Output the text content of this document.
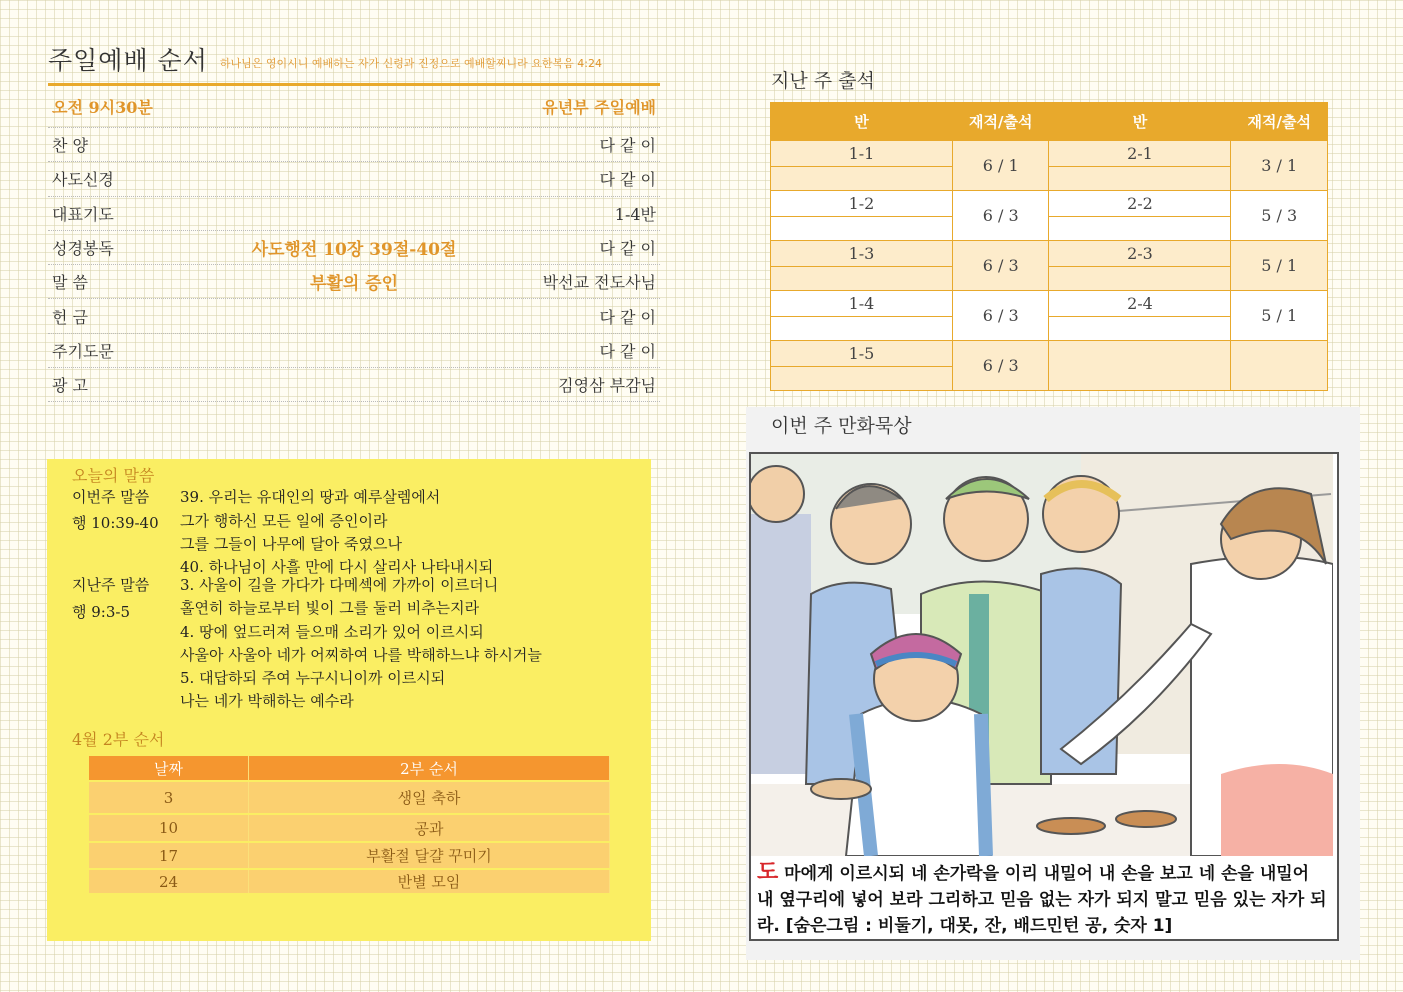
주일예배 순서 하나님은 영이시니 예배하는 자가 신령과 진정으로 예배할찌니라 요한복음 4:24
오전 9시30분	유년부 주일예배
찬 양	다 같 이
사도신경	다 같 이
대표기도	1-4반
성경봉독	사도행전 10장 39절-40절	다 같 이
말 씀	부활의 증인	박선교 전도사님
헌 금	다 같 이
주기도문	다 같 이
광 고	김영삼 부감님
오늘의 말씀
이번주 말씀
행 10:39-40
39. 우리는 유대인의 땅과 예루살렘에서
그가 행하신 모든 일에 증인이라
그를 그들이 나무에 달아 죽였으나
40. 하나님이 사흘 만에 다시 살리사 나타내시되
지난주 말씀
행 9:3-5
3. 사울이 길을 가다가 다메섹에 가까이 이르더니
홀연히 하늘로부터 빛이 그를 둘러 비추는지라
4. 땅에 엎드러져 들으매 소리가 있어 이르시되
사울아 사울아 네가 어찌하여 나를 박해하느냐 하시거늘
5. 대답하되 주여 누구시니이까 이르시되
나는 네가 박해하는 예수라
4월 2부 순서
날짜	2부 순서
3	생일 축하
10	공과
17	부활절 달걀 꾸미기
24	반별 모임
지난 주 출석
반	재적/출석	반	재적/출석
1-1	6 / 1	2-1	3 / 1

1-2	6 / 3	2-2	5 / 3

1-3	6 / 3	2-3	5 / 1

1-4	6 / 3	2-4	5 / 1

1-5	6 / 3		

이번 주 만화묵상
도 마에게 이르시되 네 손가락을 이리 내밀어 내 손을 보고 네 손을 내밀어 내 옆구리에 넣어 보라 그리하고 믿음 없는 자가 되지 말고 믿음 있는 자가 되라. [숨은그림 : 비둘기, 대못, 잔, 배드민턴 공, 숫자 1]
